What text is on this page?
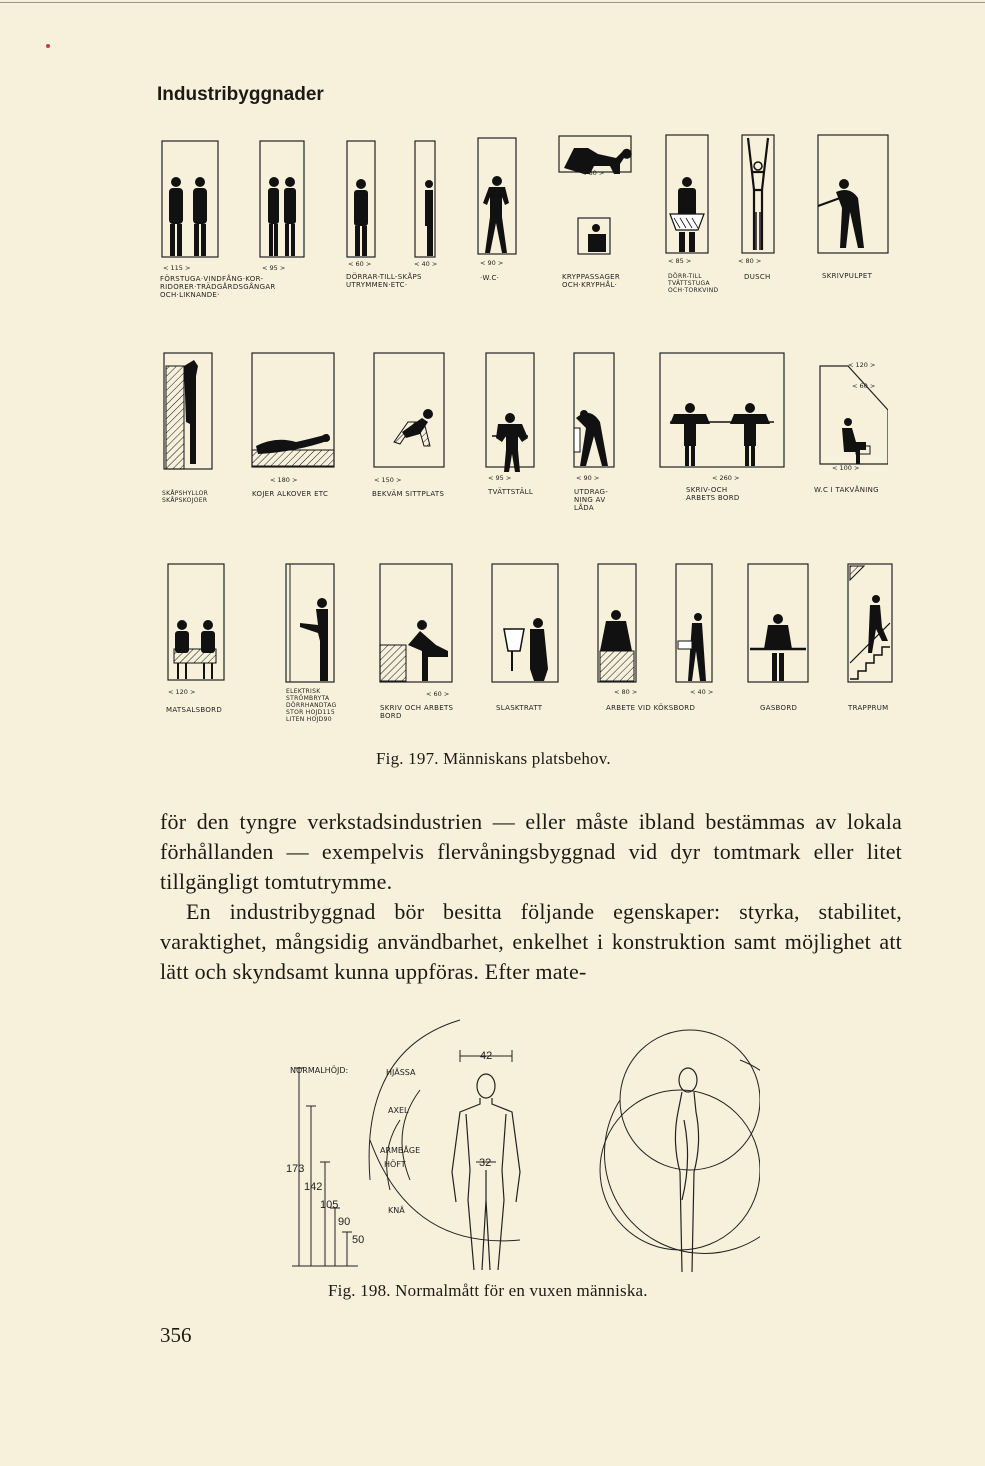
Industribyggnader
< 115 >
FÖRSTUGA·VINDFÅNG·KOR-
RIDORER·TRÄDGÅRDSGÅNGAR
OCH·LIKNANDE·
< 95 >	< 60 >	< 40 >
DÖRRAR-TILL-SKÅPS
UTRYMMEN·ETC·
< 90 >
·W.C·
< 60 >
KRYPPASSAGER
OCH·KRYPHÅL·
< 85 >
DÖRR-TILL
TVÄTTSTUGA
OCH·TORKVIND
< 80 >
DUSCH	SKRIVPULPET
SKÅPSHYLLOR
SKÅPSKOJOER
< 180 >
KOJER ALKOVER ETC
< 150 >
BEKVÄM SITTPLATS
< 95 >
TVÄTTSTÄLL
< 90 >
UTDRAG-
NING AV
LÅDA
< 260 >
SKRIV-OCH
ARBETS BORD
< 120 >
< 60 >
< 100 >
W.C I TAKVÅNING
< 120 >
MATSALSBORD
ELEKTRISK
STRÖMBRYTA
DÖRRHANDTAG
STOR HOJD115
LITEN HOJD90
< 60 >
SKRIV OCH ARBETS
BORD
SLASKTRATT
< 80 >	< 40 >
ARBETE VID KÖKSBORD	GASBORD	TRAPPRUM
Fig. 197. Människans platsbehov.

för den tyngre verkstadsindustrien — eller måste ibland bestämmas av lokala förhållanden — exempelvis flervåningsbyggnad vid dyr tomtmark eller litet tillgängligt tomtutrymme.

En industribyggnad bör besitta följande egenskaper: styrka, stabilitet, varaktighet, mångsidig användbarhet, enkelhet i konstruktion samt möjlighet att lätt och skyndsamt kunna uppföras. Efter mate-

NORMALHÖJD:	HJÄSSA
AXEL
ARMBÅGE
HÖFT
KNÄ
173
142
105
90
50
42
32
Fig. 198. Normalmått för en vuxen människa.
356
